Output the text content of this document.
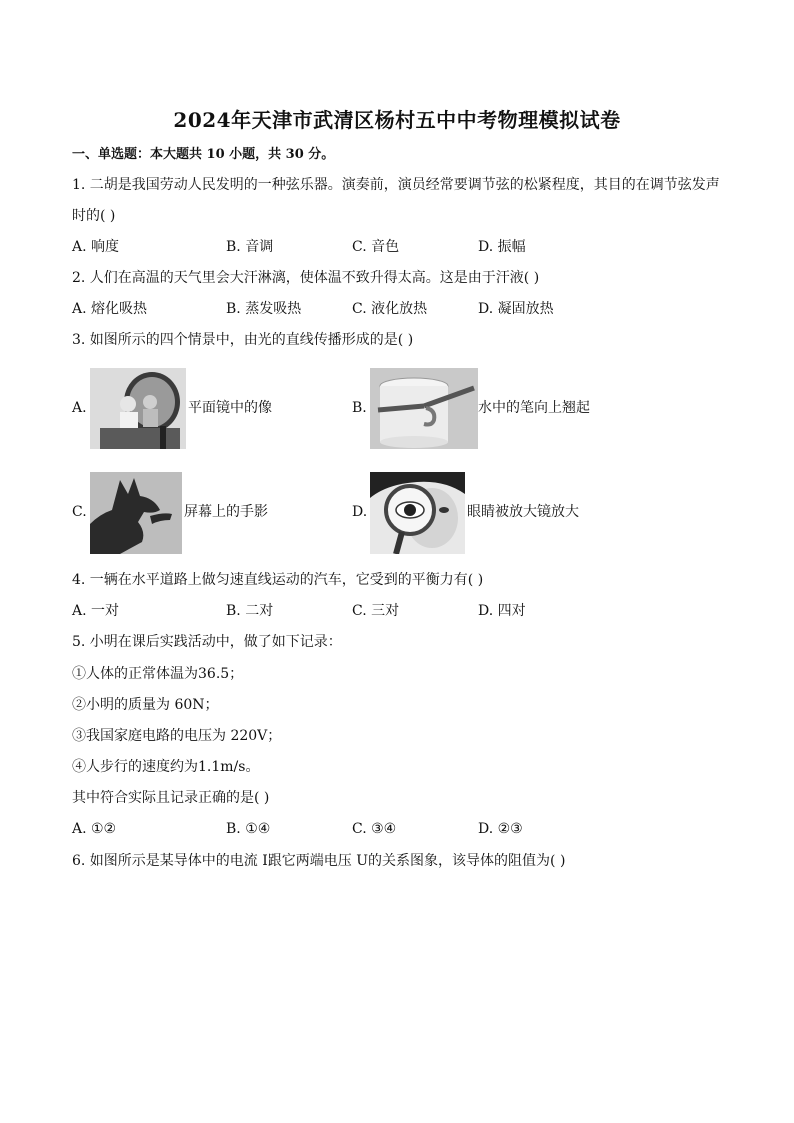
2024年天津市武清区杨村五中中考物理模拟试卷
一、单选题：本大题共 10 小题，共 30 分。
1. 二胡是我国劳动人民发明的一种弦乐器。演奏前，演员经常要调节弦的松紧程度，其目的在调节弦发声
时的( )
A. 响度	B. 音调	C. 音色	D. 振幅
2. 人们在高温的天气里会大汗淋漓，使体温不致升得太高。这是由于汗液( )
A. 熔化吸热	B. 蒸发吸热	C. 液化放热	D. 凝固放热
3. 如图所示的四个情景中，由光的直线传播形成的是( )
A.	平面镜中的像	B.	水中的笔向上翘起
C.	屏幕上的手影	D.	眼睛被放大镜放大
4. 一辆在水平道路上做匀速直线运动的汽车，它受到的平衡力有( )
A. 一对	B. 二对	C. 三对	D. 四对
5. 小明在课后实践活动中，做了如下记录：
①人体的正常体温为36.5；
②小明的质量为 60N；
③我国家庭电路的电压为 220V；
④人步行的速度约为1.1m/s。
其中符合实际且记录正确的是( )
A. ①②	B. ①④	C. ③④	D. ②③
6. 如图所示是某导体中的电流 I跟它两端电压 U的关系图象，该导体的阻值为( )
